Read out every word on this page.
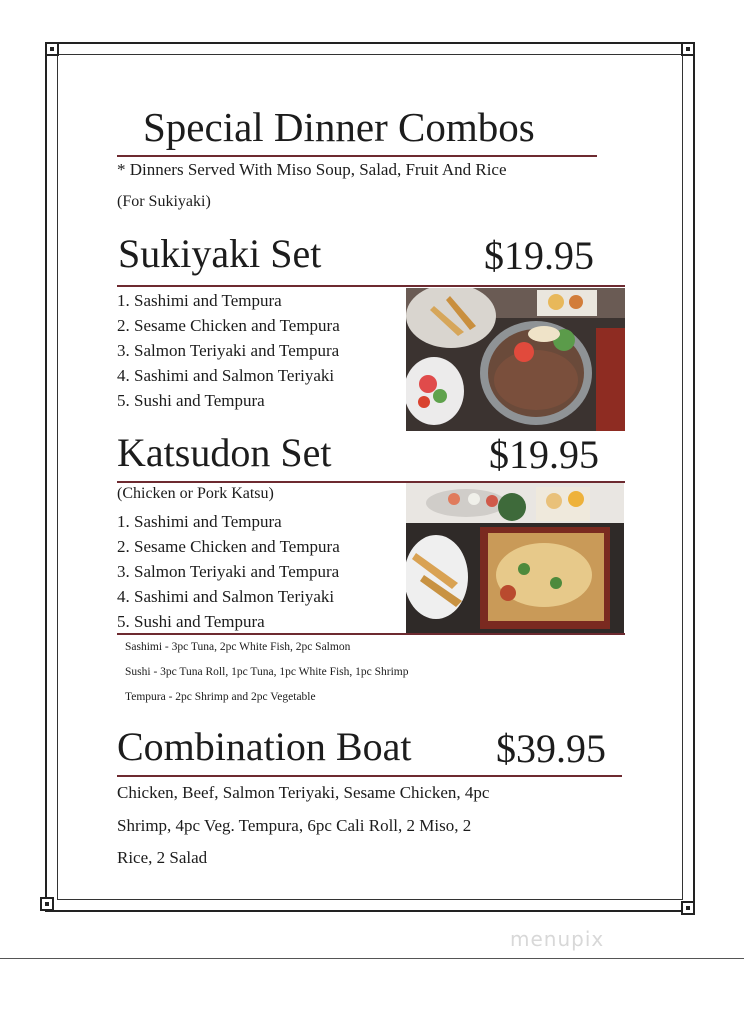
Special Dinner Combos
* Dinners Served With Miso Soup, Salad, Fruit And Rice
(For Sukiyaki)
Sukiyaki Set	$19.95
1. Sashimi and Tempura
2. Sesame Chicken and Tempura
3. Salmon Teriyaki and Tempura
4. Sashimi and Salmon Teriyaki
5. Sushi and Tempura
Katsudon Set	$19.95
(Chicken or Pork Katsu)
1. Sashimi and Tempura
2. Sesame Chicken and Tempura
3. Salmon Teriyaki and Tempura
4. Sashimi and Salmon Teriyaki
5. Sushi and Tempura
Sashimi - 3pc Tuna, 2pc White Fish, 2pc Salmon
Sushi - 3pc Tuna Roll, 1pc Tuna, 1pc White Fish, 1pc Shrimp
Tempura - 2pc Shrimp and 2pc Vegetable
Combination Boat $39.95
Chicken, Beef, Salmon Teriyaki, Sesame Chicken, 4pc
Shrimp, 4pc Veg. Tempura, 6pc Cali Roll, 2 Miso, 2
Rice, 2 Salad
menupix
